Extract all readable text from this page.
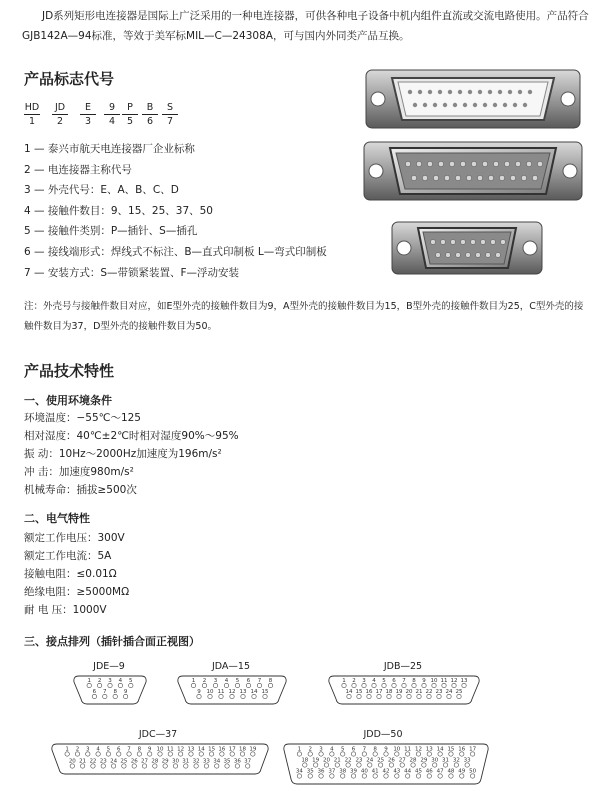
JD系列矩形电连接器是国际上广泛采用的一种电连接器，可供各种电子设备中机内组件直流或交流电路使用。产品符合GJB142A—94标准，等效于美军标MIL—C—24308A，可与国内外同类产品互换。
产品标志代号
HD
1
JD
2
E
3
9
4
P
5
B
6
S
7
1 — 泰兴市航天电连接器厂企业标称
2 — 电连接器主称代号
3 — 外壳代号：E、A、B、C、D
4 — 接触件数目：9、15、25、37、50
5 — 接触件类别：P—插针、S—插孔
6 — 接线端形式：焊线式不标注、B—直式印制板 L—弯式印制板
7 — 安装方式：S—带锁紧装置、F—浮动安装
注：外壳号与接触件数目对应，如E型外壳的接触件数目为9，A型外壳的接触件数目为15，B型外壳的接触件数目为25，C型外壳的接触件数目为37，D型外壳的接触件数目为50。
产品技术特性
一、使用环境条件
环境温度：−55℃～125
相对湿度：40℃±2℃时相对湿度90%～95%
振 动：10Hz～2000Hz加速度为196m/s²
冲 击：加速度980m/s²
机械寿命：插拔≥500次
二、电气特性
额定工作电压：300V
额定工作电流：5A
接触电阻：≤0.01Ω
绝缘电阻：≥5000MΩ
耐 电 压：1000V
三、接点排列（插针插合面正视图）
JDE—9	JDA—15	JDB—25
JDC—37	JDD—50
1 2 3 4 5
6 7 8 9
1 2 3 4 5 6 7 8
9 10 11 12 13 14 15
1 2 3 4 5 6 7 8 9 10 11 12 13
14 15 16 17 18 19 20 21 22 23 24 25
1 2 3 4 5 6 7 8 9 10 11 12 13 14 15 16 17 18 19
20 21 22 23 24 25 26 27 28 29 30 31 32 33 34 35 36 37
1 2 3 4 5 6 7 8 9 10 11 12 13 14 15 16 17
18 19 20 21 22 23 24 25 26 27 28 29 30 31 32 33
34 35 36 37 38 39 40 41 42 43 44 45 46 47 48 49 50
